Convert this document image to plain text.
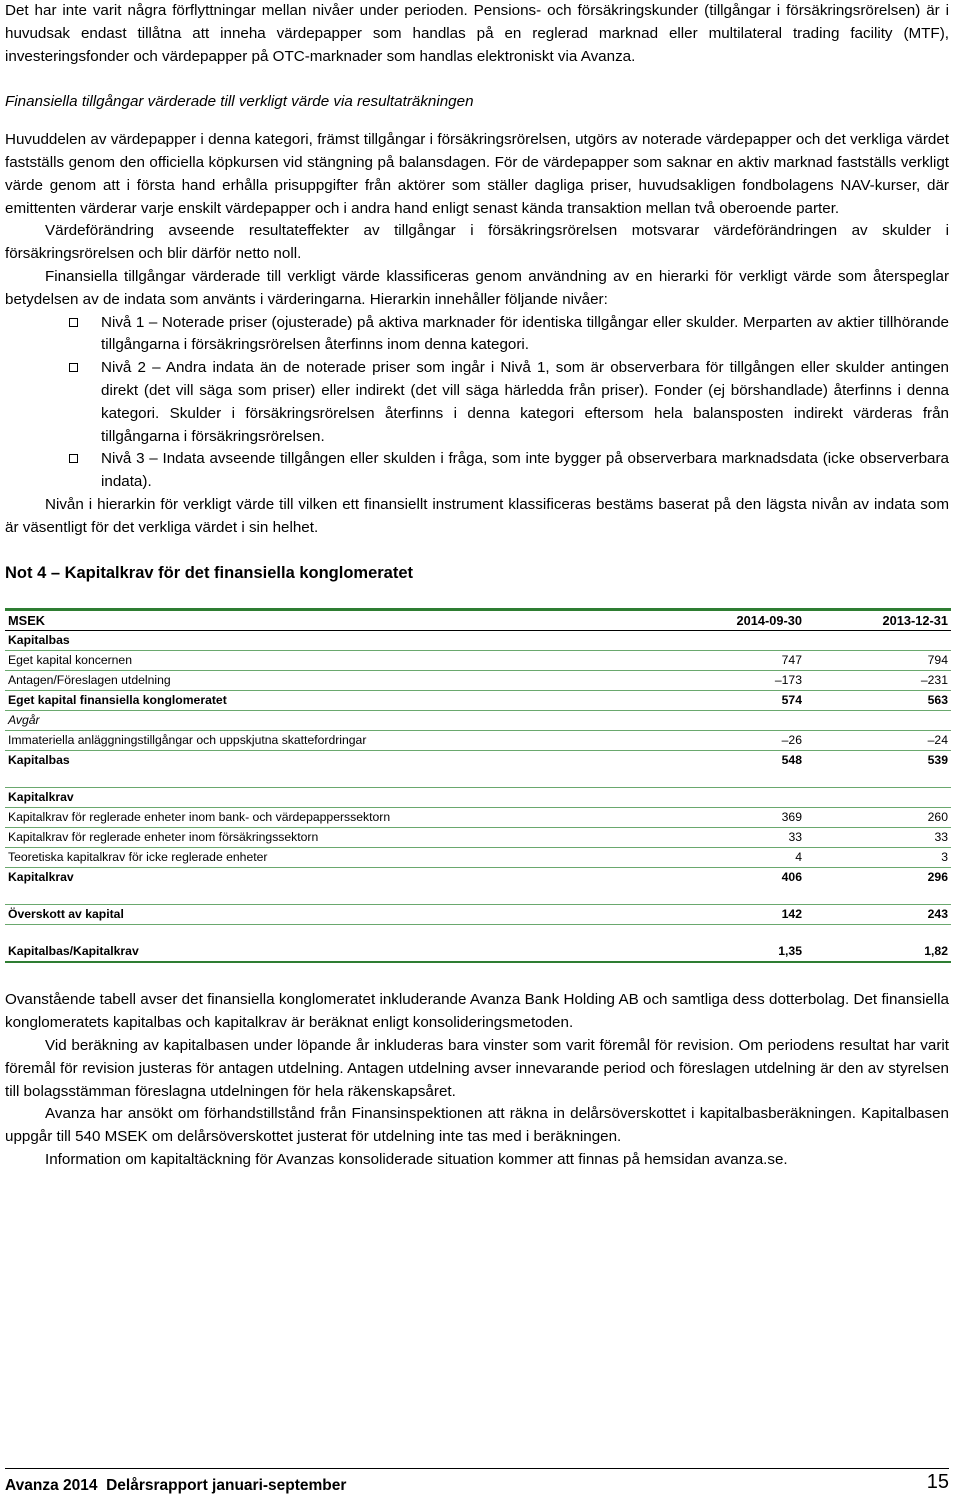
Det har inte varit några förflyttningar mellan nivåer under perioden. Pensions- och försäkringskunder (tillgångar i försäkringsrörelsen) är i huvudsak endast tillåtna att inneha värdepapper som handlas på en reglerad marknad eller multilateral trading facility (MTF), investeringsfonder och värdepapper på OTC-marknader som handlas elektroniskt via Avanza.

Finansiella tillgångar värderade till verkligt värde via resultaträkningen

Huvuddelen av värdepapper i denna kategori, främst tillgångar i försäkringsrörelsen, utgörs av noterade värdepapper och det verkliga värdet fastställs genom den officiella köpkursen vid stängning på balansdagen. För de värdepapper som saknar en aktiv marknad fastställs verkligt värde genom att i första hand erhålla prisuppgifter från aktörer som ställer dagliga priser, huvudsakligen fondbolagens NAV-kurser, där emittenten värderar varje enskilt värdepapper och i andra hand enligt senast kända transaktion mellan två oberoende parter.

Värdeförändring avseende resultateffekter av tillgångar i försäkringsrörelsen motsvarar värdeförändringen av skulder i försäkringsrörelsen och blir därför netto noll.

Finansiella tillgångar värderade till verkligt värde klassificeras genom användning av en hierarki för verkligt värde som återspeglar betydelsen av de indata som använts i värderingarna. Hierarkin innehåller följande nivåer:

Nivå 1 – Noterade priser (ojusterade) på aktiva marknader för identiska tillgångar eller skulder. Merparten av aktier tillhörande tillgångarna i försäkringsrörelsen återfinns inom denna kategori.
Nivå 2 – Andra indata än de noterade priser som ingår i Nivå 1, som är observerbara för tillgången eller skulder antingen direkt (det vill säga som priser) eller indirekt (det vill säga härledda från priser). Fonder (ej börshandlade) återfinns i denna kategori. Skulder i försäkringsrörelsen återfinns i denna kategori eftersom hela balansposten indirekt värderas från tillgångarna i försäkringsrörelsen.
Nivå 3 – Indata avseende tillgången eller skulden i fråga, som inte bygger på observerbara marknadsdata (icke observerbara indata).

Nivån i hierarkin för verkligt värde till vilken ett finansiellt instrument klassificeras bestäms baserat på den lägsta nivån av indata som är väsentligt för det verkliga värdet i sin helhet.

Not 4 – Kapitalkrav för det finansiella konglomeratet
MSEK	2014-09-30	2013-12-31
Kapitalbas		
Eget kapital koncernen	747	794
Antagen/Föreslagen utdelning	–173	–231
Eget kapital finansiella konglomeratet	574	563
Avgår		
Immateriella anläggningstillgångar och uppskjutna skattefordringar	–26	–24
Kapitalbas	548	539

Kapitalkrav		
Kapitalkrav för reglerade enheter inom bank- och värdepapperssektorn	369	260
Kapitalkrav för reglerade enheter inom försäkringssektorn	33	33
Teoretiska kapitalkrav för icke reglerade enheter	4	3
Kapitalkrav	406	296

Överskott av kapital	142	243

Kapitalbas/Kapitalkrav	1,35	1,82

Ovanstående tabell avser det finansiella konglomeratet inkluderande Avanza Bank Holding AB och samtliga dess dotterbolag. Det finansiella konglomeratets kapitalbas och kapitalkrav är beräknat enligt konsolideringsmetoden.

Vid beräkning av kapitalbasen under löpande år inkluderas bara vinster som varit föremål för revision. Om periodens resultat har varit föremål för revision justeras för antagen utdelning. Antagen utdelning avser innevarande period och föreslagen utdelning är den av styrelsen till bolagsstämman föreslagna utdelningen för hela räkenskapsåret.

Avanza har ansökt om förhandstillstånd från Finansinspektionen att räkna in delårsöverskottet i kapitalbasberäkningen. Kapitalbasen uppgår till 540 MSEK om delårsöverskottet justerat för utdelning inte tas med i beräkningen.

Information om kapitaltäckning för Avanzas konsoliderade situation kommer att finnas på hemsidan avanza.se.

Avanza 2014  Delårsrapport januari-september	15
